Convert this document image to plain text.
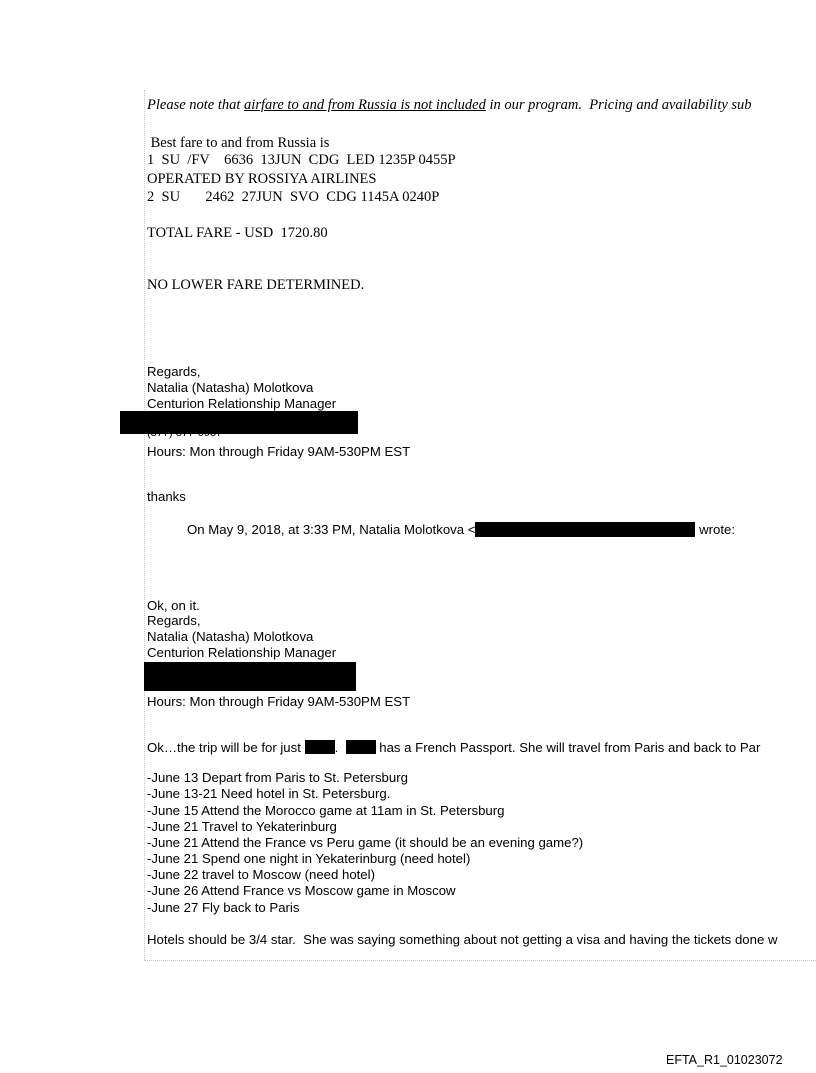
Please note that airfare to and from Russia is not included in our program.  Pricing and availability sub
Best fare to and from Russia is
1  SU  /FV    6636  13JUN  CDG  LED 1235P 0455P
OPERATED BY ROSSIYA AIRLINES
2  SU       2462  27JUN  SVO  CDG 1145A 0240P
TOTAL FARE - USD  1720.80
NO LOWER FARE DETERMINED.
Regards,
Natalia (Natasha) Molotkova
Centurion Relationship Manager
Hours: Mon through Friday 9AM-530PM EST
thanks
On May 9, 2018, at 3:33 PM, Natalia Molotkova <	wrote:
Ok, on it.
Regards,
Natalia (Natasha) Molotkova
Centurion Relationship Manager
Hours: Mon through Friday 9AM-530PM EST
Ok…the trip will be for just .   has a French Passport. She will travel from Paris and back to Par
-June 13 Depart from Paris to St. Petersburg
-June 13-21 Need hotel in St. Petersburg.
-June 15 Attend the Morocco game at 11am in St. Petersburg
-June 21 Travel to Yekaterinburg
-June 21 Attend the France vs Peru game (it should be an evening game?)
-June 21 Spend one night in Yekaterinburg (need hotel)
-June 22 travel to Moscow (need hotel)
-June 26 Attend France vs Moscow game in Moscow
-June 27 Fly back to Paris
Hotels should be 3/4 star.  She was saying something about not getting a visa and having the tickets done w
EFTA_R1_01023072
